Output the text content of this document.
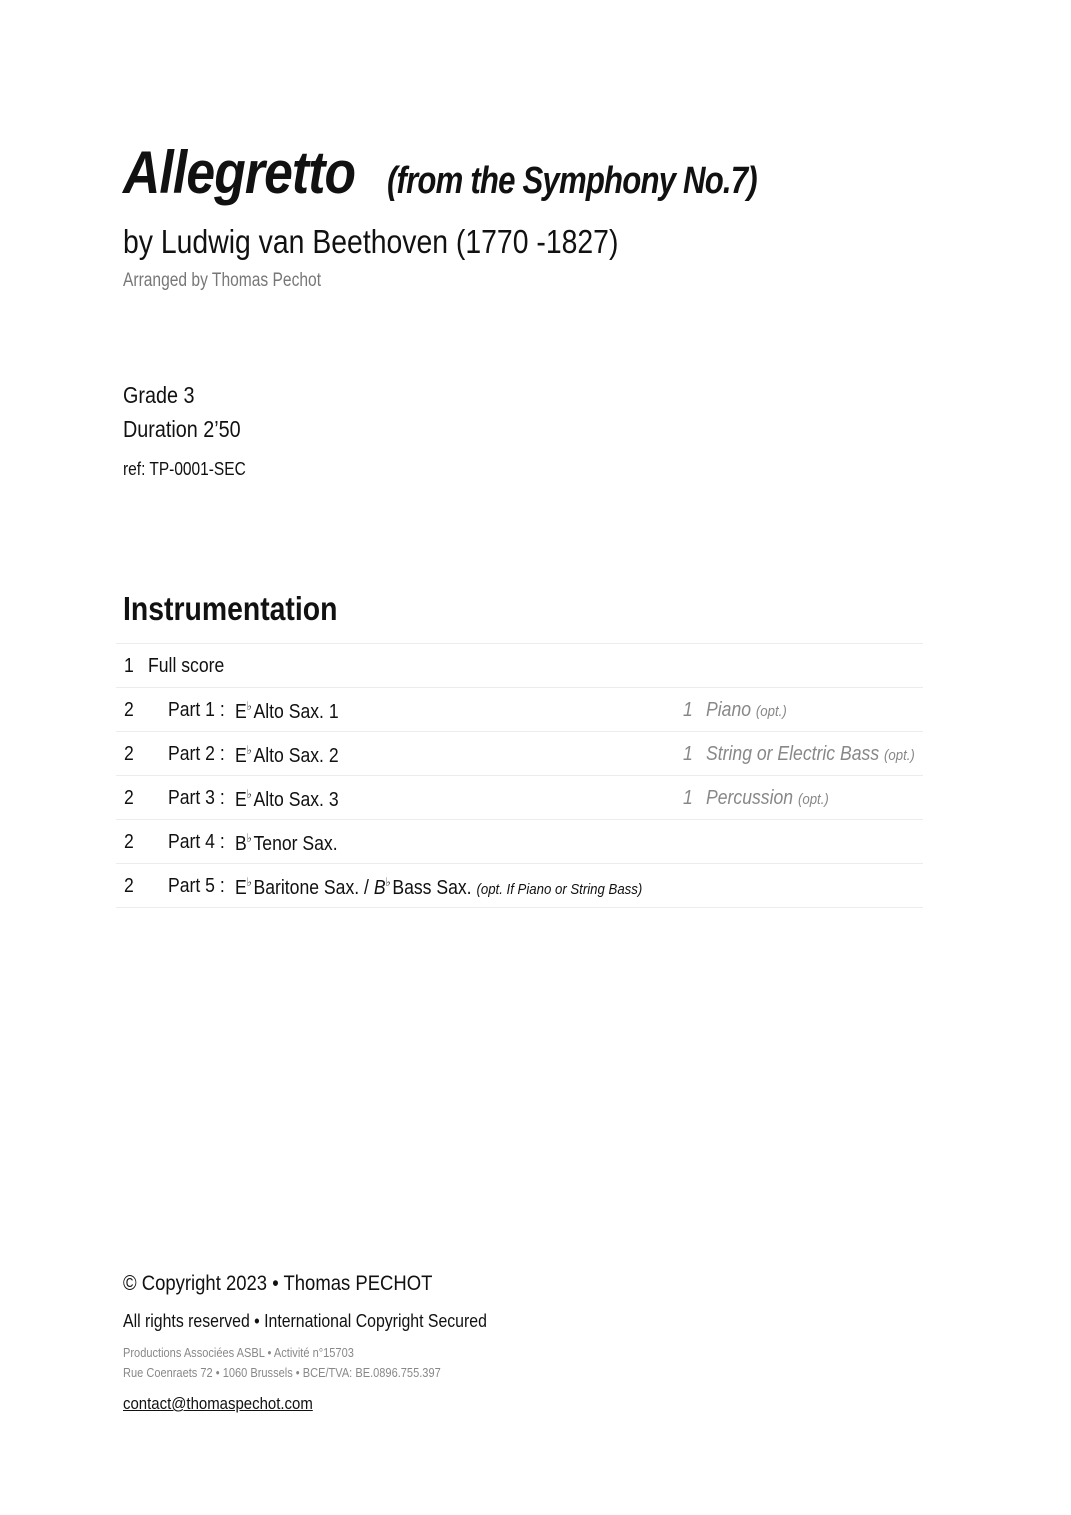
Allegretto (from the Symphony No.7)
by Ludwig van Beethoven (1770 -1827)
Arranged by Thomas Pechot
Grade 3
Duration 2’50
ref: TP-0001-SEC
Instrumentation
1 Full score
2 Part 1 : E♭Alto Sax. 1	1 Piano (opt.)
2 Part 2 : E♭Alto Sax. 2	1 String or Electric Bass (opt.)
2 Part 3 : E♭Alto Sax. 3	1 Percussion (opt.)
2 Part 4 : B♭Tenor Sax.
2 Part 5 : E♭Baritone Sax. / B♭Bass Sax. (opt. If Piano or String Bass)
© Copyright 2023 • Thomas PECHOT
All rights reserved • International Copyright Secured
Productions Associées ASBL • Activité n°15703
Rue Coenraets 72 • 1060 Brussels • BCE/TVA: BE.0896.755.397
contact@thomaspechot.com
